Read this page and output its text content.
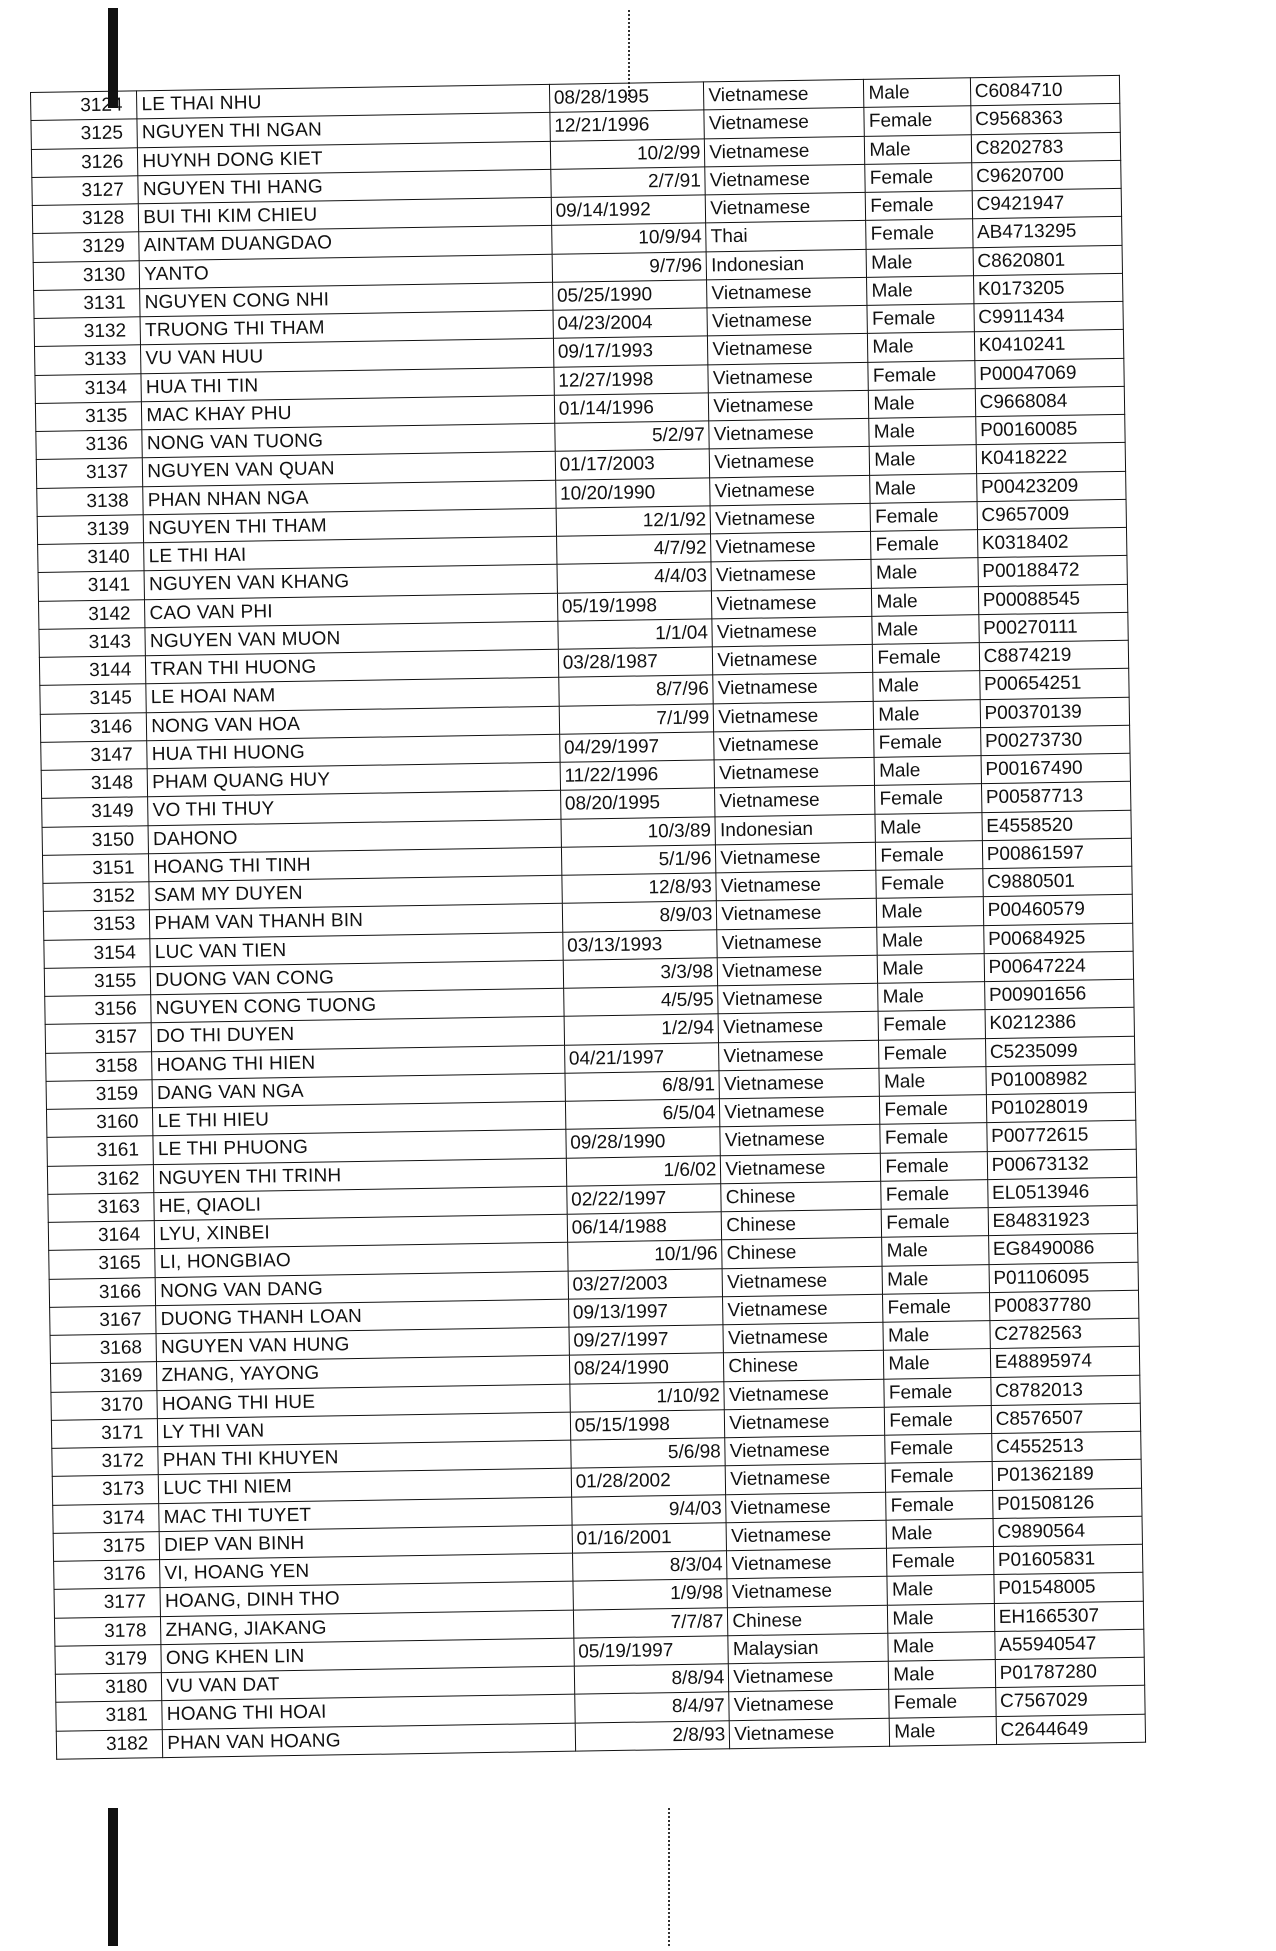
3124	LE THAI NHU	08/28/1995	Vietnamese	Male	C6084710
3125	NGUYEN THI NGAN	12/21/1996	Vietnamese	Female	C9568363
3126	HUYNH DONG KIET	10/2/99	Vietnamese	Male	C8202783
3127	NGUYEN THI HANG	2/7/91	Vietnamese	Female	C9620700
3128	BUI THI KIM CHIEU	09/14/1992	Vietnamese	Female	C9421947
3129	AINTAM DUANGDAO	10/9/94	Thai	Female	AB4713295
3130	YANTO	9/7/96	Indonesian	Male	C8620801
3131	NGUYEN CONG NHI	05/25/1990	Vietnamese	Male	K0173205
3132	TRUONG THI THAM	04/23/2004	Vietnamese	Female	C9911434
3133	VU VAN HUU	09/17/1993	Vietnamese	Male	K0410241
3134	HUA THI TIN	12/27/1998	Vietnamese	Female	P00047069
3135	MAC KHAY PHU	01/14/1996	Vietnamese	Male	C9668084
3136	NONG VAN TUONG	5/2/97	Vietnamese	Male	P00160085
3137	NGUYEN VAN QUAN	01/17/2003	Vietnamese	Male	K0418222
3138	PHAN NHAN NGA	10/20/1990	Vietnamese	Male	P00423209
3139	NGUYEN THI THAM	12/1/92	Vietnamese	Female	C9657009
3140	LE THI HAI	4/7/92	Vietnamese	Female	K0318402
3141	NGUYEN VAN KHANG	4/4/03	Vietnamese	Male	P00188472
3142	CAO VAN PHI	05/19/1998	Vietnamese	Male	P00088545
3143	NGUYEN VAN MUON	1/1/04	Vietnamese	Male	P00270111
3144	TRAN THI HUONG	03/28/1987	Vietnamese	Female	C8874219
3145	LE HOAI NAM	8/7/96	Vietnamese	Male	P00654251
3146	NONG VAN HOA	7/1/99	Vietnamese	Male	P00370139
3147	HUA THI HUONG	04/29/1997	Vietnamese	Female	P00273730
3148	PHAM QUANG HUY	11/22/1996	Vietnamese	Male	P00167490
3149	VO THI THUY	08/20/1995	Vietnamese	Female	P00587713
3150	DAHONO	10/3/89	Indonesian	Male	E4558520
3151	HOANG THI TINH	5/1/96	Vietnamese	Female	P00861597
3152	SAM MY DUYEN	12/8/93	Vietnamese	Female	C9880501
3153	PHAM VAN THANH BIN	8/9/03	Vietnamese	Male	P00460579
3154	LUC VAN TIEN	03/13/1993	Vietnamese	Male	P00684925
3155	DUONG VAN CONG	3/3/98	Vietnamese	Male	P00647224
3156	NGUYEN CONG TUONG	4/5/95	Vietnamese	Male	P00901656
3157	DO THI DUYEN	1/2/94	Vietnamese	Female	K0212386
3158	HOANG THI HIEN	04/21/1997	Vietnamese	Female	C5235099
3159	DANG VAN NGA	6/8/91	Vietnamese	Male	P01008982
3160	LE THI HIEU	6/5/04	Vietnamese	Female	P01028019
3161	LE THI PHUONG	09/28/1990	Vietnamese	Female	P00772615
3162	NGUYEN THI TRINH	1/6/02	Vietnamese	Female	P00673132
3163	HE, QIAOLI	02/22/1997	Chinese	Female	EL0513946
3164	LYU, XINBEI	06/14/1988	Chinese	Female	E84831923
3165	LI, HONGBIAO	10/1/96	Chinese	Male	EG8490086
3166	NONG VAN DANG	03/27/2003	Vietnamese	Male	P01106095
3167	DUONG THANH LOAN	09/13/1997	Vietnamese	Female	P00837780
3168	NGUYEN VAN HUNG	09/27/1997	Vietnamese	Male	C2782563
3169	ZHANG, YAYONG	08/24/1990	Chinese	Male	E48895974
3170	HOANG THI HUE	1/10/92	Vietnamese	Female	C8782013
3171	LY THI VAN	05/15/1998	Vietnamese	Female	C8576507
3172	PHAN THI KHUYEN	5/6/98	Vietnamese	Female	C4552513
3173	LUC THI NIEM	01/28/2002	Vietnamese	Female	P01362189
3174	MAC THI TUYET	9/4/03	Vietnamese	Female	P01508126
3175	DIEP VAN BINH	01/16/2001	Vietnamese	Male	C9890564
3176	VI, HOANG YEN	8/3/04	Vietnamese	Female	P01605831
3177	HOANG, DINH THO	1/9/98	Vietnamese	Male	P01548005
3178	ZHANG, JIAKANG	7/7/87	Chinese	Male	EH1665307
3179	ONG KHEN LIN	05/19/1997	Malaysian	Male	A55940547
3180	VU VAN DAT	8/8/94	Vietnamese	Male	P01787280
3181	HOANG THI HOAI	8/4/97	Vietnamese	Female	C7567029
3182	PHAN VAN HOANG	2/8/93	Vietnamese	Male	C2644649
